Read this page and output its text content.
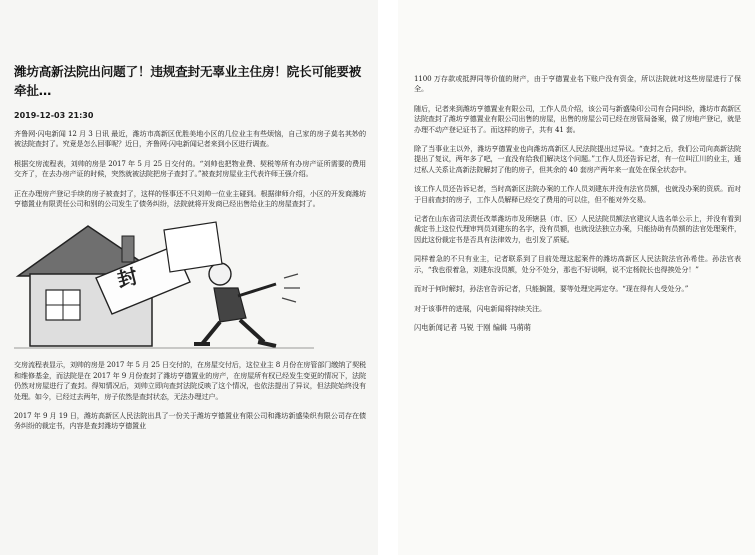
潍坊高新法院出问题了！违规查封无辜业主住房！院长可能要被牵扯…
2019-12-03 21:30

齐鲁网·闪电新闻 12 月 3 日讯 最近，潍坊市高新区优胜美地小区的几位业主有些烦恼，自己家的房子莫名其妙的被法院查封了。究竟是怎么回事呢？近日，齐鲁网·闪电新闻记者来到小区进行调查。

根据交房流程表，刘帅的房是 2017 年 5 月 25 日交付的。“刘帅也把物业费、契税等所有办房产证所需要的费用交齐了，在去办房产证的时候，突然就被法院把房子查封了。”被查封房屋业主代表许师王强介绍。

正在办理房产登记手续的房子被查封了，这样的怪事还不只刘帅一位业主碰到。根据律师介绍，小区的开发商潍坊亨德置业有限责任公司和别的公司发生了债务纠纷，法院就将开发商已经出售给业主的房屋查封了。

封

交房流程表显示，刘帅的房是 2017 年 5 月 25 日交付的，在房屋交付后，这位业主 8 月份在房管部门缴纳了契税和维修基金，而法院是在 2017 年 9 月份查封了潍坊亨德置业的房产，在房屋所有权已经发生变更的情况下，法院仍然对房屋进行了查封。得知情况后，刘帅立即向查封法院反映了这个情况，也依法提出了异议，但法院始终没有处理。如今，已经过去两年，房子依然是查封状态，无法办理过户。

2017 年 9 月 19 日，潍坊高新区人民法院出具了一份关于潍坊亨德置业有限公司和潍坊新盛染织有限公司存在债务纠纷的裁定书，内容是查封潍坊亨德置业

1100 万存款或抵押同等价值的财产，由于亨德置业名下账户没有资金，所以法院就对这些房屋进行了保全。

随后，记者来到潍坊亨德置业有限公司，工作人员介绍，该公司与新盛染印公司有合同纠纷，潍坊市高新区法院查封了潍坊亨德置业有限公司出售的房屋，出售的房屋公司已经在房管局备案，做了房地产登记，就是办理不动产登记证书了。而这样的房子，共有 41 套。

除了当事业主以外，潍坊亨德置业也向潍坊高新区人民法院提出过异议。“查封之后，我们公司向高新法院提出了复议，两年多了吧，一直没有给我们解决这个问题。”工作人员还告诉记者，有一位叫江川的业主，通过私人关系让高新法院解封了他的房子，但其余的 40 套房产两年来一直处在保全状态中。

该工作人员还告诉记者，当时高新区法院办案的工作人员刘建东并没有法官员额，也就没办案的资质。而对于目前查封的房子，工作人员解释已经交了费用的可以住，但不能对外交易。

记者在山东省司法责任改革潍坊市及所辖县（市、区）人民法院员额法官建议人选名单公示上，并没有看到裁定书上这位代理审判员刘建东的名字，没有员额，也就没法独立办案，只能协助有员额的法官处理案件，因此这份裁定书是否具有法律效力，也引发了质疑。

同样着急的不只有业主，记者联系到了目前处理这起案件的潍坊高新区人民法院法官孙希佳。孙法官表示，“我也很着急，刘建东没员额，处分不处分，那也不好说啊，说不定杨院长也得挨处分！”

而对于何时解封，孙法官告诉记者，只能搁置，要等处理完再定夺。“现在得有人受处分。”

对于该事件的进展，闪电新闻将持续关注。

闪电新闻记者 马锐 于刚 编辑 马萌萌
